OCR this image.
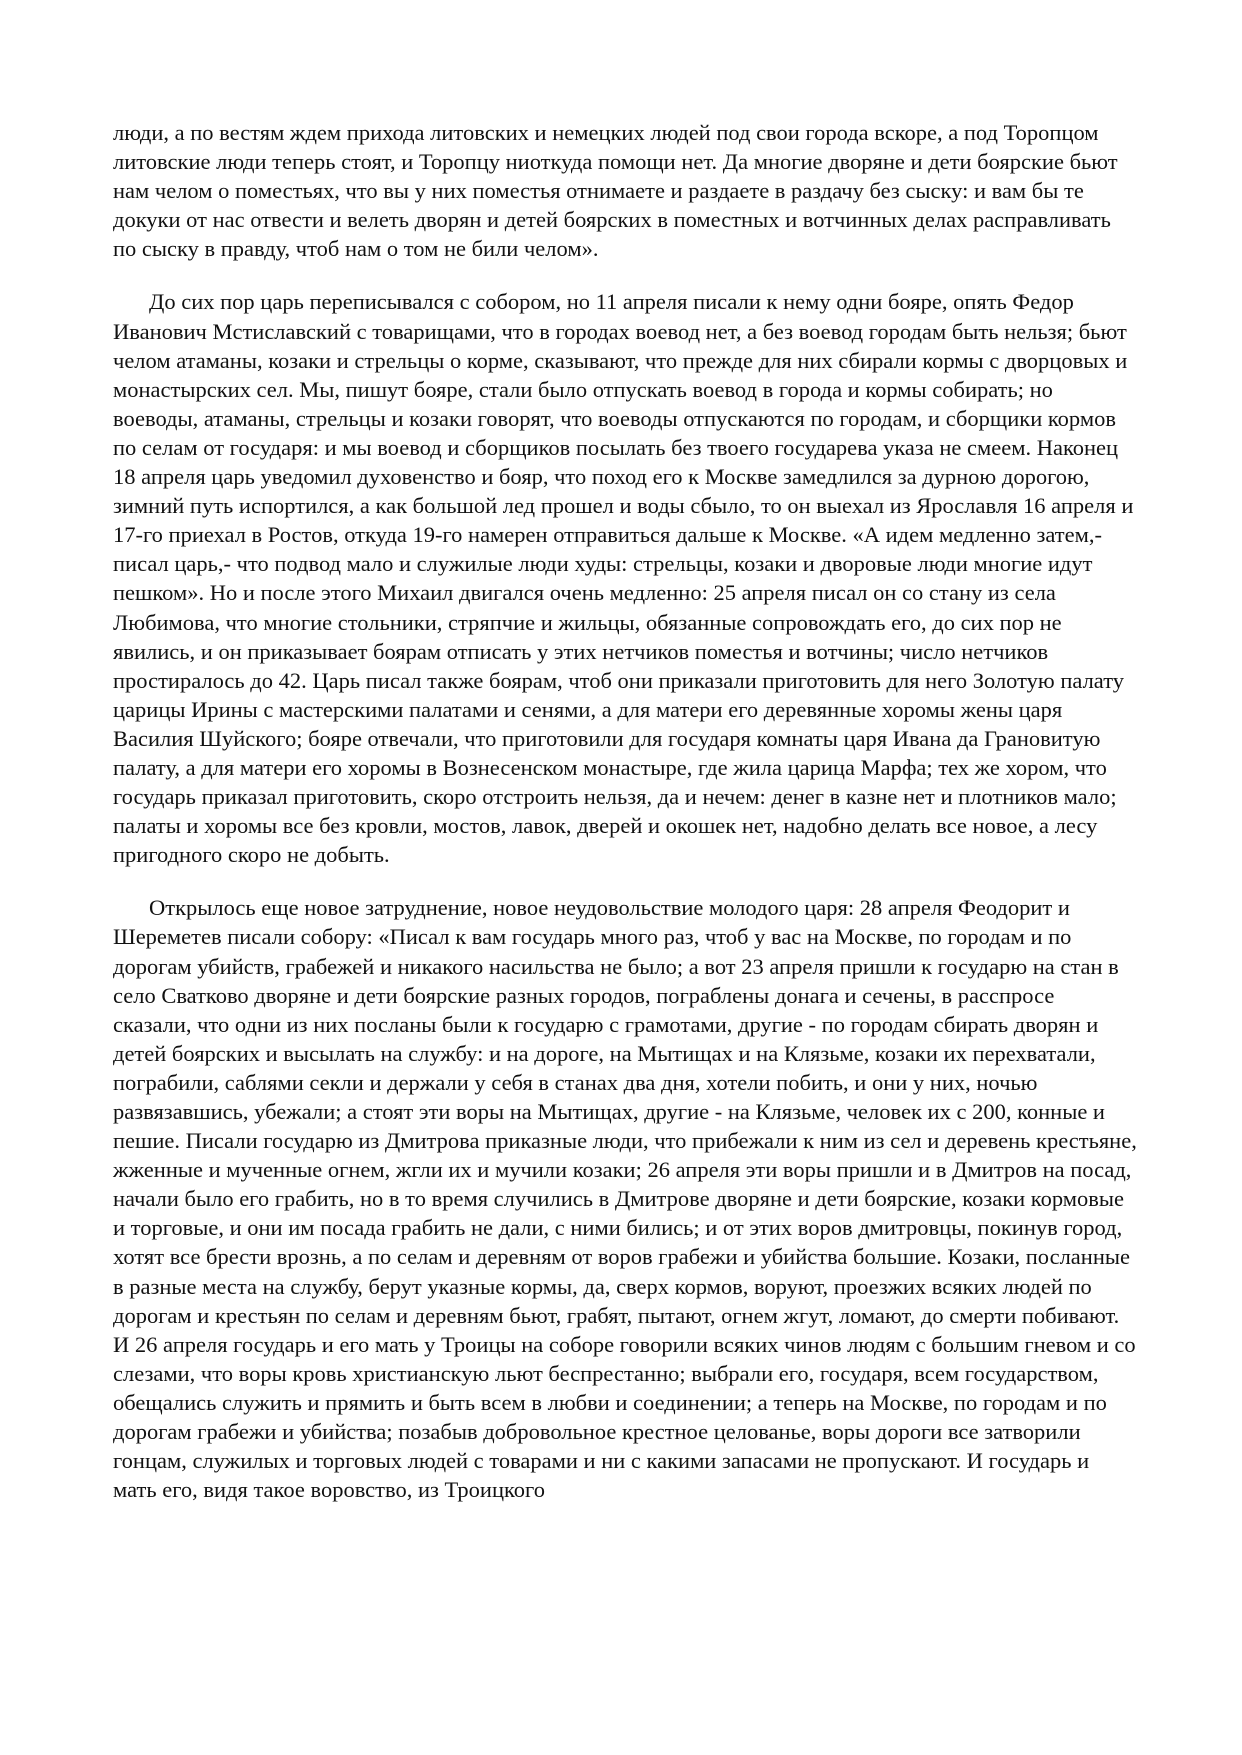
люди, а по вестям ждем прихода литовских и немецких людей под свои города вскоре, а под Торопцом литовские люди теперь стоят, и Торопцу ниоткуда помощи нет. Да многие дворяне и дети боярские бьют нам челом о поместьях, что вы у них поместья отнимаете и раздаете в раздачу без сыску: и вам бы те докуки от нас отвести и велеть дворян и детей боярских в поместных и вотчинных делах расправливать по сыску в правду, чтоб нам о том не били челом».

До сих пор царь переписывался с собором, но 11 апреля писали к нему одни бояре, опять Федор Иванович Мстиславский с товарищами, что в городах воевод нет, а без воевод городам быть нельзя; бьют челом атаманы, козаки и стрельцы о корме, сказывают, что прежде для них сбирали кормы с дворцовых и монастырских сел. Мы, пишут бояре, стали было отпускать воевод в города и кормы собирать; но воеводы, атаманы, стрельцы и козаки говорят, что воеводы отпускаются по городам, и сборщики кормов по селам от государя: и мы воевод и сборщиков посылать без твоего государева указа не смеем. Наконец 18 апреля царь уведомил духовенство и бояр, что поход его к Москве замедлился за дурною дорогою, зимний путь испортился, а как большой лед прошел и воды сбыло, то он выехал из Ярославля 16 апреля и 17-го приехал в Ростов, откуда 19-го намерен отправиться дальше к Москве. «А идем медленно затем,- писал царь,- что подвод мало и служилые люди худы: стрельцы, козаки и дворовые люди многие идут пешком». Но и после этого Михаил двигался очень медленно: 25 апреля писал он со стану из села Любимова, что многие стольники, стряпчие и жильцы, обязанные сопровождать его, до сих пор не явились, и он приказывает боярам отписать у этих нетчиков поместья и вотчины; число нетчиков простиралось до 42. Царь писал также боярам, чтоб они приказали приготовить для него Золотую палату царицы Ирины с мастерскими палатами и сенями, а для матери его деревянные хоромы жены царя Василия Шуйского; бояре отвечали, что приготовили для государя комнаты царя Ивана да Грановитую палату, а для матери его хоромы в Вознесенском монастыре, где жила царица Марфа; тех же хором, что государь приказал приготовить, скоро отстроить нельзя, да и нечем: денег в казне нет и плотников мало; палаты и хоромы все без кровли, мостов, лавок, дверей и окошек нет, надобно делать все новое, а лесу пригодного скоро не добыть.

Открылось еще новое затруднение, новое неудовольствие молодого царя: 28 апреля Феодорит и Шереметев писали собору: «Писал к вам государь много раз, чтоб у вас на Москве, по городам и по дорогам убийств, грабежей и никакого насильства не было; а вот 23 апреля пришли к государю на стан в село Сватково дворяне и дети боярские разных городов, пограблены донага и сечены, в расспросе сказали, что одни из них посланы были к государю с грамотами, другие - по городам сбирать дворян и детей боярских и высылать на службу: и на дороге, на Мытищах и на Клязьме, козаки их перехватали, пограбили, саблями секли и держали у себя в станах два дня, хотели побить, и они у них, ночью развязавшись, убежали; а стоят эти воры на Мытищах, другие - на Клязьме, человек их с 200, конные и пешие. Писали государю из Дмитрова приказные люди, что прибежали к ним из сел и деревень крестьяне, жженные и мученные огнем, жгли их и мучили козаки; 26 апреля эти воры пришли и в Дмитров на посад, начали было его грабить, но в то время случились в Дмитрове дворяне и дети боярские, козаки кормовые и торговые, и они им посада грабить не дали, с ними бились; и от этих воров дмитровцы, покинув город, хотят все брести врознь, а по селам и деревням от воров грабежи и убийства большие. Козаки, посланные в разные места на службу, берут указные кормы, да, сверх кормов, воруют, проезжих всяких людей по дорогам и крестьян по селам и деревням бьют, грабят, пытают, огнем жгут, ломают, до смерти побивают. И 26 апреля государь и его мать у Троицы на соборе говорили всяких чинов людям с большим гневом и со слезами, что воры кровь христианскую льют беспрестанно; выбрали его, государя, всем государством, обещались служить и прямить и быть всем в любви и соединении; а теперь на Москве, по городам и по дорогам грабежи и убийства; позабыв добровольное крестное целованье, воры дороги все затворили гонцам, служилых и торговых людей с товарами и ни с какими запасами не пропускают. И государь и мать его, видя такое воровство, из Троицкого
